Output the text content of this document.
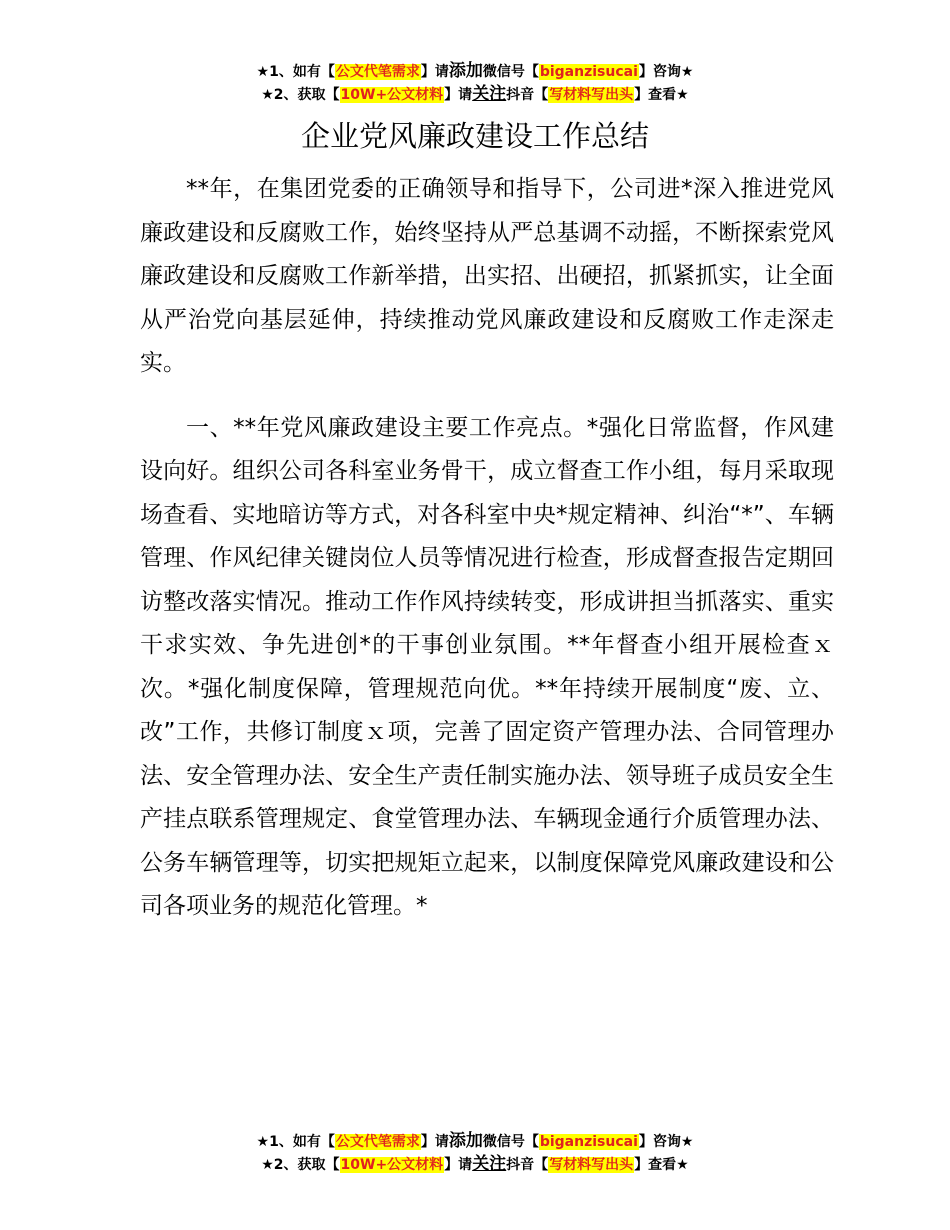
★1、如有【公文代笔需求】请添加微信号【biganzisucai】咨询★
★2、获取【10W+公文材料】请关注抖音【写材料写出头】查看★
企业党风廉政建设工作总结

**年，在集团党委的正确领导和指导下，公司进*深入推进党风廉政建设和反腐败工作，始终坚持从严总基调不动摇，不断探索党风廉政建设和反腐败工作新举措，出实招、出硬招，抓紧抓实，让全面从严治党向基层延伸，持续推动党风廉政建设和反腐败工作走深走实。

一、**年党风廉政建设主要工作亮点。*强化日常监督，作风建设向好。组织公司各科室业务骨干，成立督查工作小组，每月采取现场查看、实地暗访等方式，对各科室中央*规定精神、纠治“*”、车辆管理、作风纪律关键岗位人员等情况进行检查，形成督查报告定期回访整改落实情况。推动工作作风持续转变，形成讲担当抓落实、重实干求实效、争先进创*的干事创业氛围。**年督查小组开展检查ｘ次。*强化制度保障，管理规范向优。**年持续开展制度“废、立、改”工作，共修订制度ｘ项，完善了固定资产管理办法、合同管理办法、安全管理办法、安全生产责任制实施办法、领导班子成员安全生产挂点联系管理规定、食堂管理办法、车辆现金通行介质管理办法、公务车辆管理等，切实把规矩立起来，以制度保障党风廉政建设和公司各项业务的规范化管理。*

★1、如有【公文代笔需求】请添加微信号【biganzisucai】咨询★
★2、获取【10W+公文材料】请关注抖音【写材料写出头】查看★
